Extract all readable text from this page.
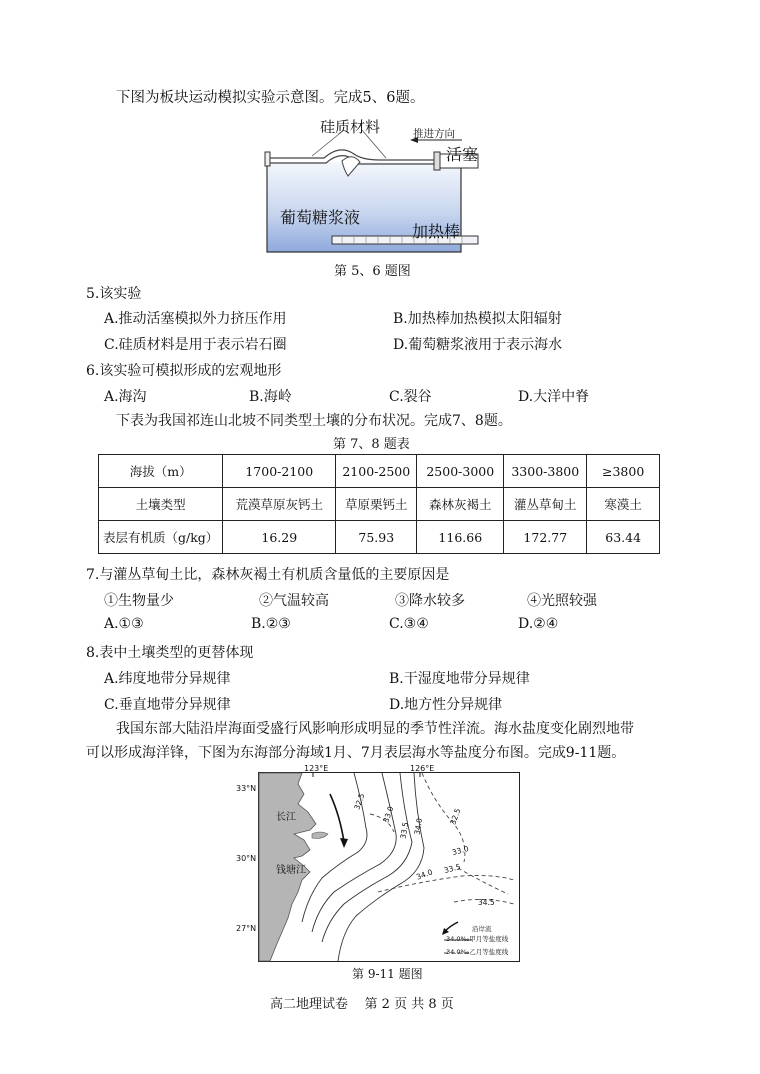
下图为板块运动模拟实验示意图。完成5、6题。
硅质材料	推进方向
活塞
葡萄糖浆液
加热棒
第 5、6 题图
5.该实验
A.推动活塞模拟外力挤压作用	B.加热棒加热模拟太阳辐射
C.硅质材料是用于表示岩石圈	D.葡萄糖浆液用于表示海水
6.该实验可模拟形成的宏观地形
A.海沟	B.海岭	C.裂谷	D.大洋中脊
下表为我国祁连山北坡不同类型土壤的分布状况。完成7、8题。
第 7、8 题表
海拔（m）	1700-2100	2100-2500	2500-3000	3300-3800	≥3800
土壤类型	荒漠草原灰钙土	草原栗钙土	森林灰褐土	灌丛草甸土	寒漠土
表层有机质（g/kg）	16.29	75.93	116.66	172.77	63.44
7.与灌丛草甸土比，森林灰褐土有机质含量低的主要原因是
①生物量少	②气温较高	③降水较多	④光照较强
A.①③	B.②③	C.③④	D.②④
8.表中土壤类型的更替体现
A.纬度地带分异规律	B.干湿度地带分异规律
C.垂直地带分异规律	D.地方性分异规律
我国东部大陆沿岸海面受盛行风影响形成明显的季节性洋流。海水盐度变化剧烈地带
可以形成海洋锋，下图为东海部分海域1月、7月表层海水等盐度分布图。完成9-11题。
123°E	126°E
33°N
30°N
27°N
32.5
33.0
33.5 34.0
32.5
33.0
33.5
34.0
34.5
长江
钱塘江
沿岸流
34.0‰甲月等盐度线
34.0‰乙月等盐度线
第 9-11 题图
高二地理试卷    第 2 页 共 8 页
